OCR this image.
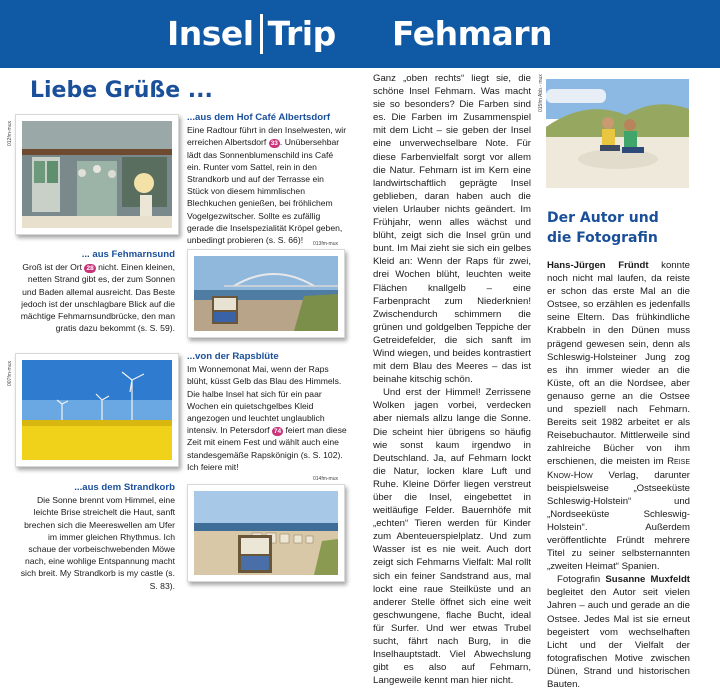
Insel Trip Fehmarn
Liebe Grüße ...
012fm-mux
...aus dem Hof Café Albertsdorf
Eine Radtour führt in den Inselwesten, wir erreichen Albertsdorf 33 . Unübersehbar lädt das Sonnenblumenschild ins Café ein. Runter vom Sattel, rein in den Strandkorb und auf der Terrasse ein Stück von diesem himmlischen Blechkuchen genießen, bei fröhlichem Vogelgezwitscher. Sollte es zufällig gerade die Inselspezialität Kröpel geben, unbedingt probieren (s. S. 66)!	013fm-mux
... aus Fehmarnsund
Groß ist der Ort 28 nicht. Einen kleinen, netten Strand gibt es, der zum Sonnen und Baden allemal ausreicht. Das Beste jedoch ist der unschlagbare Blick auf die mächtige Fehmarnsundbrücke, den man gratis dazu bekommt (s. S. 59).
007fm-mux
...von der Rapsblüte
Im Wonnemonat Mai, wenn der Raps blüht, küsst Gelb das Blau des Himmels. Die halbe Insel hat sich für ein paar Wochen ein quietschgelbes Kleid angezogen und leuchtet unglaublich intensiv. In Petersdorf 74 feiert man diese Zeit mit einem Fest und wählt auch eine standesgemäße Rapskönigin (s. S. 102). Ich feiere mit!
014fm-mux
...aus dem Strandkorb
Die Sonne brennt vom Himmel, eine leichte Brise streichelt die Haut, sanft brechen sich die Meereswellen am Ufer im immer gleichen Rhythmus. Ich schaue der vorbeischwebenden Möwe nach, eine wohlige Entspannung macht sich breit. My Strandkorb is my castle (s. S. 83).

Ganz „oben rechts“ liegt sie, die schöne Insel Fehmarn. Was macht sie so besonders? Die Farben sind es. Die Farben im Zusammenspiel mit dem Licht – sie geben der Insel eine unverwechselbare Note. Für diese Farbenvielfalt sorgt vor allem die Natur. Fehmarn ist im Kern eine landwirtschaftlich geprägte Insel geblieben, daran haben auch die vielen Urlauber nichts geändert. Im Frühjahr, wenn alles wächst und blüht, zeigt sich die Insel grün und bunt. Im Mai zieht sie sich ein gelbes Kleid an: Wenn der Raps für zwei, drei Wochen blüht, leuchten weite Flächen knallgelb – eine Farbenpracht zum Niederknien! Zwischendurch schimmern die grünen und goldgelben Teppiche der Getreidefelder, die sich sanft im Wind wiegen, und beides kontrastiert mit dem Blau des Meeres – das ist beinahe kitschig schön.

Und erst der Himmel! Zerrissene Wolken jagen vorbei, verdecken aber niemals allzu lange die Sonne. Die scheint hier übrigens so häufig wie sonst kaum irgendwo in Deutschland. Ja, auf Fehmarn lockt die Natur, locken klare Luft und Ruhe. Kleine Dörfer liegen verstreut über die Insel, eingebettet in weitläufige Felder. Bauernhöfe mit „echten“ Tieren werden für Kinder zum Abenteuerspielplatz. Und zum Wasser ist es nie weit. Auch dort zeigt sich Fehmarns Vielfalt: Mal rollt sich ein feiner Sandstrand aus, mal lockt eine raue Steilküste und an anderer Stelle öffnet sich eine weit geschwungene, flache Bucht, ideal für Surfer. Und wer etwas Trubel sucht, fährt nach Burg, in die Inselhauptstadt. Viel Abwechslung gibt es also auf Fehmarn, Langeweile kennt man hier nicht.

015fm Abb.- mux
Der Autor und
die Fotografin

Hans-Jürgen Fründt konnte noch nicht mal laufen, da reiste er schon das erste Mal an die Ostsee, so erzählen es jedenfalls seine Eltern. Das frühkindliche Krabbeln in den Dünen muss prägend gewesen sein, denn als Schleswig-Holsteiner Jung zog es ihn immer wieder an die Küste, oft an die Nordsee, aber genauso gerne an die Ostsee und speziell nach Fehmarn. Bereits seit 1982 arbeitet er als Reisebuchautor. Mittlerweile sind zahlreiche Bücher von ihm erschienen, die meisten im Reise Know-How Verlag, darunter beispielsweise „Ostseeküste Schleswig-Holstein“ und „Nordseeküste Schleswig-Holstein“. Außerdem veröffentlichte Fründt mehrere Titel zu seiner selbsternannten „zweiten Heimat“ Spanien.

Fotografin Susanne Muxfeldt begleitet den Autor seit vielen Jahren – auch und gerade an die Ostsee. Jedes Mal ist sie erneut begeistert vom wechselhaften Licht und der Vielfalt der fotografischen Motive zwischen Dünen, Strand und historischen Bauten.
